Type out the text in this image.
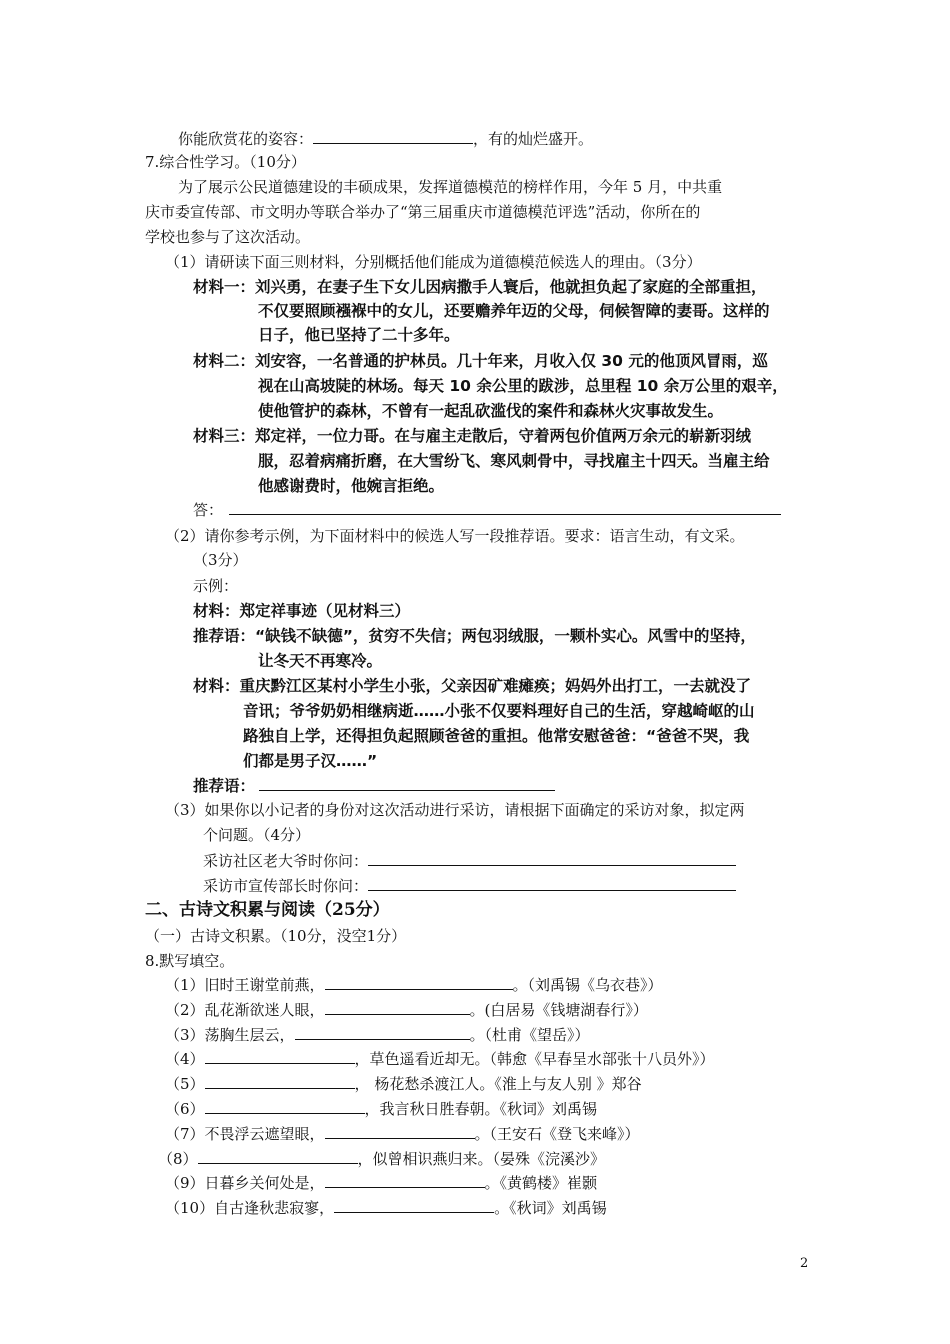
你能欣赏花的姿容：	，有的灿烂盛开。
7.综合性学习。（10分）
为了展示公民道德建设的丰硕成果，发挥道德模范的榜样作用，今年 5 月，中共重
庆市委宣传部、市文明办等联合举办了“第三届重庆市道德模范评选”活动，你所在的
学校也参与了这次活动。
（1）请研读下面三则材料，分别概括他们能成为道德模范候选人的理由。（3分）
材料一：刘兴勇，在妻子生下女儿因病撒手人寰后，他就担负起了家庭的全部重担，
不仅要照顾襁褓中的女儿，还要赡养年迈的父母，伺候智障的妻哥。这样的
日子，他已坚持了二十多年。
材料二：刘安容，一名普通的护林员。几十年来，月收入仅 30 元的他顶风冒雨，巡
视在山高坡陡的林场。每天 10 余公里的跋涉，总里程 10 余万公里的艰辛，
使他管护的森林，不曾有一起乱砍滥伐的案件和森林火灾事故发生。
材料三：郑定祥，一位力哥。在与雇主走散后，守着两包价值两万余元的崭新羽绒
服，忍着病痛折磨，在大雪纷飞、寒风刺骨中，寻找雇主十四天。当雇主给
他感谢费时，他婉言拒绝。
答：
（2）请你参考示例，为下面材料中的候选人写一段推荐语。要求：语言生动，有文采。
（3分）
示例：
材料：郑定祥事迹（见材料三）
推荐语：“缺钱不缺德”，贫穷不失信；两包羽绒服，一颗朴实心。风雪中的坚持，
让冬天不再寒冷。
材料：重庆黔江区某村小学生小张，父亲因矿难瘫痪；妈妈外出打工，一去就没了
音讯；爷爷奶奶相继病逝……小张不仅要料理好自己的生活，穿越崎岖的山
路独自上学，还得担负起照顾爸爸的重担。他常安慰爸爸：“爸爸不哭，我
们都是男子汉……”
推荐语：
（3）如果你以小记者的身份对这次活动进行采访，请根据下面确定的采访对象，拟定两
个问题。（4分）
采访社区老大爷时你问：
采访市宣传部长时你问：
二、古诗文积累与阅读（25分）
（一）古诗文积累。（10分，没空1分）
8.默写填空。
（1）旧时王谢堂前燕，	。（刘禹锡《乌衣巷》）
（2）乱花渐欲迷人眼，	。(白居易《钱塘湖春行》）
（3）荡胸生层云，	。（杜甫《望岳》）
（4）	，草色遥看近却无。（韩愈《早春呈水部张十八员外》）
（5）	， 杨花愁杀渡江人。《淮上与友人别 》郑谷
（6）	，我言秋日胜春朝。《秋词》刘禹锡
（7）不畏浮云遮望眼，	。（王安石《登飞来峰》）
（8）	，似曾相识燕归来。（晏殊《浣溪沙》
（9）日暮乡关何处是，	。《黄鹤楼》崔颢
（10）自古逢秋悲寂寥，	。《秋词》刘禹锡
2
